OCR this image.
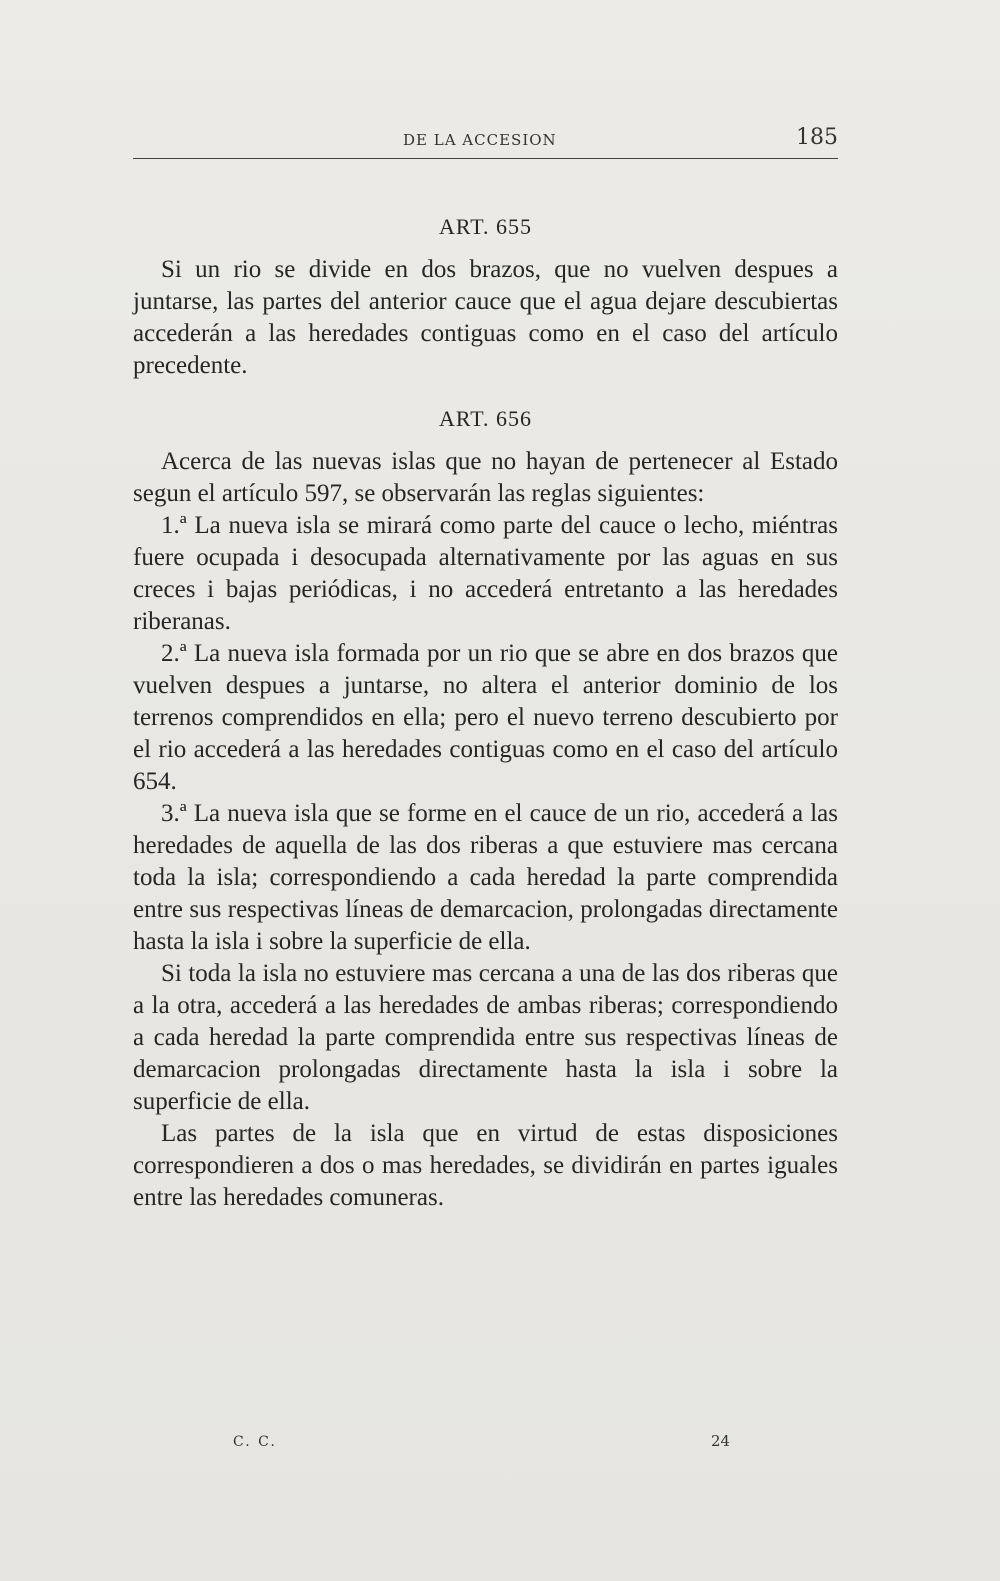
DE LA ACCESION	185
ART. 655

Si un rio se divide en dos brazos, que no vuelven despues a juntarse, las partes del anterior cauce que el agua dejare descubiertas accederán a las heredades contiguas como en el caso del artículo precedente.

ART. 656

Acerca de las nuevas islas que no hayan de pertenecer al Estado segun el artículo 597, se observarán las reglas siguientes:

1.ª La nueva isla se mirará como parte del cauce o lecho, miéntras fuere ocupada i desocupada alternativamente por las aguas en sus creces i bajas periódicas, i no accederá entretanto a las heredades riberanas.

2.ª La nueva isla formada por un rio que se abre en dos brazos que vuelven despues a juntarse, no altera el anterior dominio de los terrenos comprendidos en ella; pero el nuevo terreno descubierto por el rio accederá a las heredades contiguas como en el caso del artículo 654.

3.ª La nueva isla que se forme en el cauce de un rio, accederá a las heredades de aquella de las dos riberas a que estuviere mas cercana toda la isla; correspondiendo a cada heredad la parte comprendida entre sus respectivas líneas de demarcacion, prolongadas directamente hasta la isla i sobre la superficie de ella.

Si toda la isla no estuviere mas cercana a una de las dos riberas que a la otra, accederá a las heredades de ambas riberas; correspondiendo a cada heredad la parte comprendida entre sus respectivas líneas de demarcacion prolongadas directamente hasta la isla i sobre la superficie de ella.

Las partes de la isla que en virtud de estas disposiciones correspondieren a dos o mas heredades, se dividirán en partes iguales entre las heredades comuneras.

C. C.	24
